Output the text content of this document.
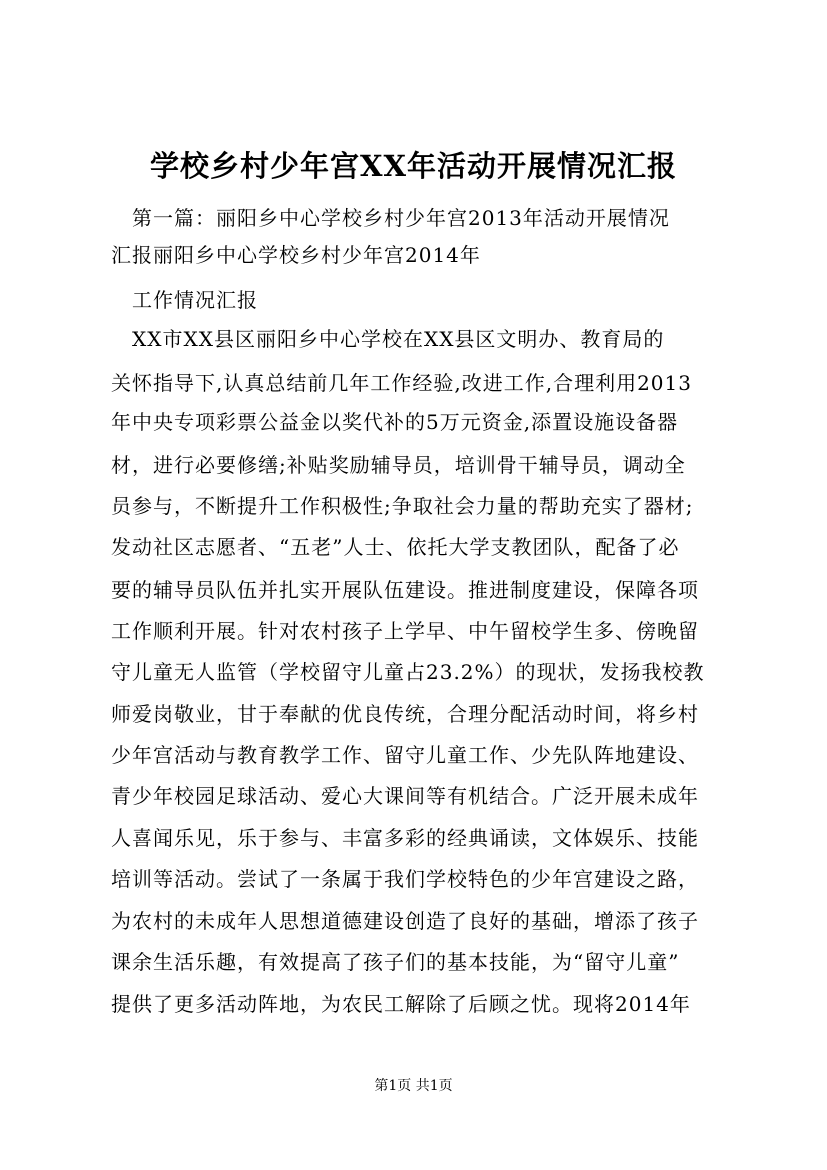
学校乡村少年宫XX年活动开展情况汇报
　第一篇：丽阳乡中心学校乡村少年宫2013年活动开展情况
汇报丽阳乡中心学校乡村少年宫2014年
　工作情况汇报
　XX市XX县区丽阳乡中心学校在XX县区文明办、教育局的
关怀指导下,认真总结前几年工作经验,改进工作,合理利用2013
年中央专项彩票公益金以奖代补的5万元资金,添置设施设备器
材，进行必要修缮;补贴奖励辅导员，培训骨干辅导员，调动全
员参与，不断提升工作积极性;争取社会力量的帮助充实了器材;
发动社区志愿者、“五老”人士、依托大学支教团队，配备了必
要的辅导员队伍并扎实开展队伍建设。推进制度建设，保障各项
工作顺利开展。针对农村孩子上学早、中午留校学生多、傍晚留
守儿童无人监管（学校留守儿童占23.2%）的现状，发扬我校教
师爱岗敬业，甘于奉献的优良传统，合理分配活动时间，将乡村
少年宫活动与教育教学工作、留守儿童工作、少先队阵地建设、
青少年校园足球活动、爱心大课间等有机结合。广泛开展未成年
人喜闻乐见，乐于参与、丰富多彩的经典诵读，文体娱乐、技能
培训等活动。尝试了一条属于我们学校特色的少年宫建设之路，
为农村的未成年人思想道德建设创造了良好的基础，增添了孩子
课余生活乐趣，有效提高了孩子们的基本技能，为“留守儿童”
提供了更多活动阵地，为农民工解除了后顾之忧。现将2014年
第1页 共1页
